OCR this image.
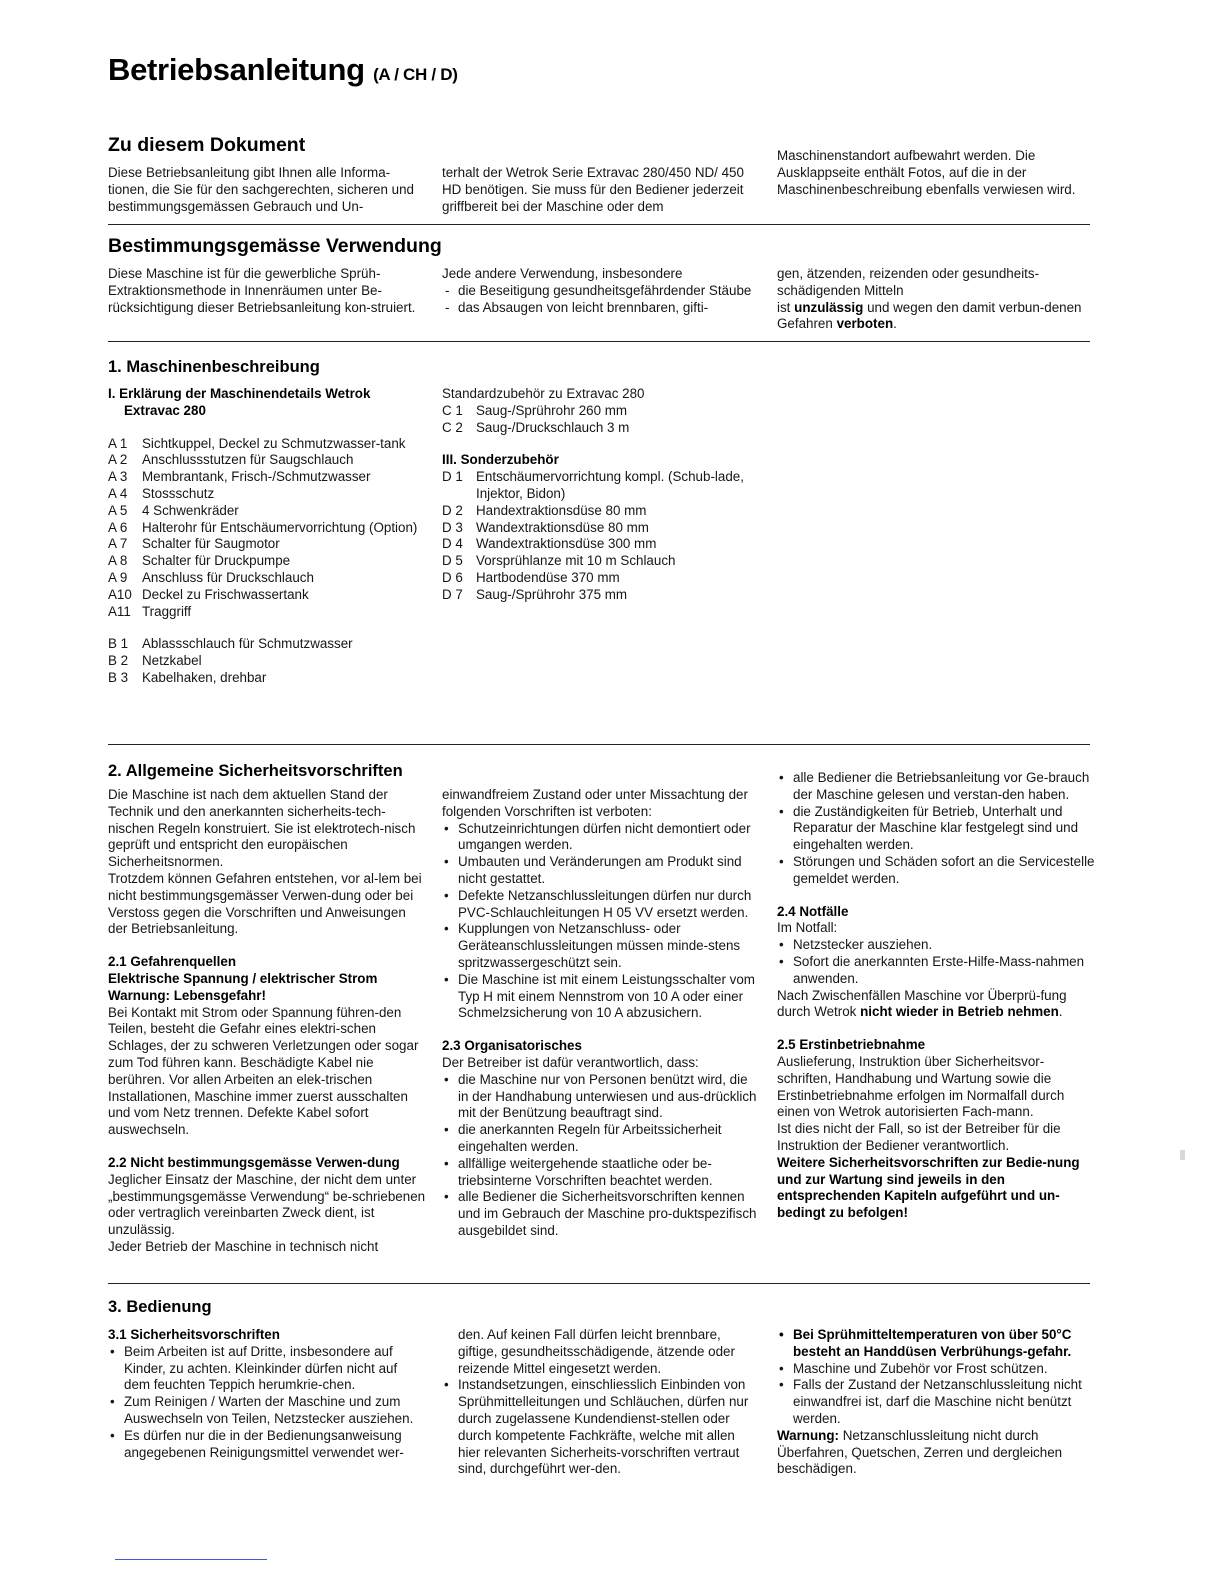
Betriebsanleitung (A / CH / D)
Zu diesem Dokument
Diese Betriebsanleitung gibt Ihnen alle Informa-tionen, die Sie für den sachgerechten, sicheren und bestimmungsgemässen Gebrauch und Un-
terhalt der Wetrok Serie Extravac 280/450 ND/ 450 HD benötigen. Sie muss für den Bediener jederzeit griffbereit bei der Maschine oder dem
Maschinenstandort aufbewahrt werden. Die Ausklappseite enthält Fotos, auf die in der Maschinenbeschreibung ebenfalls verwiesen wird.
Bestimmungsgemässe Verwendung
Diese Maschine ist für die gewerbliche Sprüh-Extraktionsmethode in Innenräumen unter Be-rücksichtigung dieser Betriebsanleitung kon-struiert.

Jede andere Verwendung, insbesondere

- die Beseitigung gesundheitsgefährdender Stäube
- das Absaugen von leicht brennbaren, gifti-

gen, ätzenden, reizenden oder gesundheits-schädigenden Mitteln

ist unzulässig und wegen den damit verbun-denen Gefahren verboten.

1. Maschinenbeschreibung

I. Erklärung der Maschinendetails Wetrok Extravac 280

A 1	Sichtkuppel, Deckel zu Schmutzwasser-tank
A 2	Anschlussstutzen für Saugschlauch
A 3	Membrantank, Frisch-/Schmutzwasser
A 4	Stossschutz
A 5	4 Schwenkräder
A 6	Halterohr für Entschäumervorrichtung (Option)
A 7	Schalter für Saugmotor
A 8	Schalter für Druckpumpe
A 9	Anschluss für Druckschlauch
A10 Deckel zu Frischwassertank
A11 Traggriff
B 1	Ablassschlauch für Schmutzwasser
B 2	Netzkabel
B 3	Kabelhaken, drehbar

Standardzubehör zu Extravac 280

C 1 Saug-/Sprührohr 260 mm
C 2 Saug-/Druckschlauch 3 m

III. Sonderzubehör

D 1 Entschäumervorrichtung kompl. (Schub-lade, Injektor, Bidon)
D 2 Handextraktionsdüse 80 mm
D 3 Wandextraktionsdüse 80 mm
D 4 Wandextraktionsdüse 300 mm
D 5 Vorsprühlanze mit 10 m Schlauch
D 6 Hartbodendüse 370 mm
D 7 Saug-/Sprührohr 375 mm
2. Allgemeine Sicherheitsvorschriften

Die Maschine ist nach dem aktuellen Stand der Technik und den anerkannten sicherheits-tech-nischen Regeln konstruiert. Sie ist elektrotech-nisch geprüft und entspricht den europäischen Sicherheitsnormen.

Trotzdem können Gefahren entstehen, vor al-lem bei nicht bestimmungsgemässer Verwen-dung oder bei Verstoss gegen die Vorschriften und Anweisungen der Betriebsanleitung.

2.1 Gefahrenquellen

Elektrische Spannung / elektrischer Strom

Warnung: Lebensgefahr!

Bei Kontakt mit Strom oder Spannung führen-den Teilen, besteht die Gefahr eines elektri-schen Schlages, der zu schweren Verletzungen oder sogar zum Tod führen kann. Beschädigte Kabel nie berühren. Vor allen Arbeiten an elek-trischen Installationen, Maschine immer zuerst ausschalten und vom Netz trennen. Defekte Kabel sofort auswechseln.

2.2 Nicht bestimmungsgemässe Verwen-dung

Jeglicher Einsatz der Maschine, der nicht dem unter „bestimmungsgemässe Verwendung“ be-schriebenen oder vertraglich vereinbarten Zweck dient, ist unzulässig.

Jeder Betrieb der Maschine in technisch nicht

einwandfreiem Zustand oder unter Missachtung der folgenden Vorschriften ist verboten:

• Schutzeinrichtungen dürfen nicht demontiert oder umgangen werden.
• Umbauten und Veränderungen am Produkt sind nicht gestattet.
• Defekte Netzanschlussleitungen dürfen nur durch PVC-Schlauchleitungen H 05 VV ersetzt werden.
• Kupplungen von Netzanschluss- oder Geräteanschlussleitungen müssen minde-stens spritzwassergeschützt sein.
• Die Maschine ist mit einem Leistungsschalter vom Typ H mit einem Nennstrom von 10 A oder einer Schmelzsicherung von 10 A abzusichern.

2.3 Organisatorisches

Der Betreiber ist dafür verantwortlich, dass:

• die Maschine nur von Personen benützt wird, die in der Handhabung unterwiesen und aus-drücklich mit der Benützung beauftragt sind.
• die anerkannten Regeln für Arbeitssicherheit eingehalten werden.
• allfällige weitergehende staatliche oder be-triebsinterne Vorschriften beachtet werden.
• alle Bediener die Sicherheitsvorschriften kennen und im Gebrauch der Maschine pro-duktspezifisch ausgebildet sind.
• alle Bediener die Betriebsanleitung vor Ge-brauch der Maschine gelesen und verstan-den haben.
• die Zuständigkeiten für Betrieb, Unterhalt und Reparatur der Maschine klar festgelegt sind und eingehalten werden.
• Störungen und Schäden sofort an die Servicestelle gemeldet werden.

2.4 Notfälle

Im Notfall:

• Netzstecker ausziehen.
• Sofort die anerkannten Erste-Hilfe-Mass-nahmen anwenden.

Nach Zwischenfällen Maschine vor Überprü-fung durch Wetrok nicht wieder in Betrieb nehmen.

2.5 Erstinbetriebnahme

Auslieferung, Instruktion über Sicherheitsvor-schriften, Handhabung und Wartung sowie die Erstinbetriebnahme erfolgen im Normalfall durch einen von Wetrok autorisierten Fach-mann.

Ist dies nicht der Fall, so ist der Betreiber für die Instruktion der Bediener verantwortlich.

Weitere Sicherheitsvorschriften zur Bedie-nung und zur Wartung sind jeweils in den entsprechenden Kapiteln aufgeführt und un-bedingt zu befolgen!

3. Bedienung

3.1 Sicherheitsvorschriften

• Beim Arbeiten ist auf Dritte, insbesondere auf Kinder, zu achten. Kleinkinder dürfen nicht auf dem feuchten Teppich herumkrie-chen.
• Zum Reinigen / Warten der Maschine und zum Auswechseln von Teilen, Netzstecker ausziehen.
• Es dürfen nur die in der Bedienungsanweisung angegebenen Reinigungsmittel verwendet wer-

den. Auf keinen Fall dürfen leicht brennbare, giftige, gesundheitsschädigende, ätzende oder reizende Mittel eingesetzt werden.

• Instandsetzungen, einschliesslich Einbinden von Sprühmittelleitungen und Schläuchen, dürfen nur durch zugelassene Kundendienst-stellen oder durch kompetente Fachkräfte, welche mit allen hier relevanten Sicherheits-vorschriften vertraut sind, durchgeführt wer-den.
• Bei Sprühmitteltemperaturen von über 50°C besteht an Handdüsen Verbrühungs-gefahr.
• Maschine und Zubehör vor Frost schützen.
• Falls der Zustand der Netzanschlussleitung nicht einwandfrei ist, darf die Maschine nicht benützt werden.

Warnung: Netzanschlussleitung nicht durch Überfahren, Quetschen, Zerren und dergleichen beschädigen.
